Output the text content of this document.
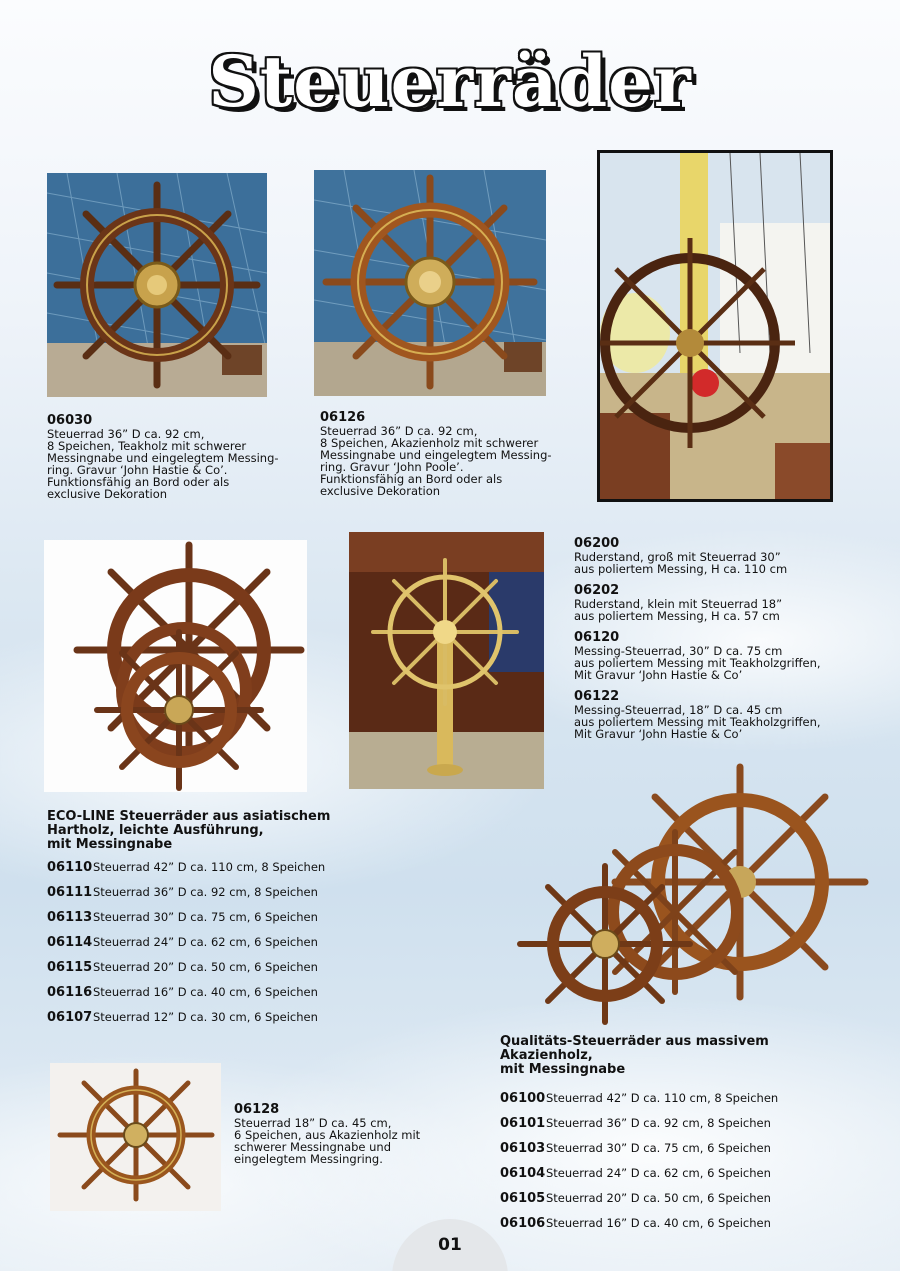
Steuerräder
06030
Steuerrad 36” D ca. 92 cm,
8 Speichen, Teakholz mit schwerer
Messingnabe und eingelegtem Messing-
ring. Gravur ‘John Hastie & Co’.
Funktionsfähig an Bord oder als
exclusive Dekoration
06126
Steuerrad 36” D ca. 92 cm,
8 Speichen, Akazienholz mit schwerer
Messingnabe und eingelegtem Messing-
ring. Gravur ‘John Poole’.
Funktionsfähig an Bord oder als
exclusive Dekoration
06200
Ruderstand, groß mit Steuerrad 30”
aus poliertem Messing, H ca. 110 cm
06202
Ruderstand, klein mit Steuerrad 18”
aus poliertem Messing, H ca. 57 cm
06120
Messing-Steuerrad, 30” D ca. 75 cm
aus poliertem Messing mit Teakholzgriffen,
Mit Gravur ‘John Hastie & Co’
06122
Messing-Steuerrad, 18” D ca. 45 cm
aus poliertem Messing mit Teakholzgriffen,
Mit Gravur ‘John Hastie & Co’
ECO-LINE Steuerräder aus asiatischem
Hartholz, leichte Ausführung,
mit Messingnabe
06110 Steuerrad 42” D ca. 110 cm, 8 Speichen
06111 Steuerrad 36” D ca. 92 cm, 8 Speichen
06113 Steuerrad 30” D ca. 75 cm, 6 Speichen
06114 Steuerrad 24” D ca. 62 cm, 6 Speichen
06115 Steuerrad 20” D ca. 50 cm, 6 Speichen
06116 Steuerrad 16” D ca. 40 cm, 6 Speichen
06107 Steuerrad 12” D ca. 30 cm, 6 Speichen
Qualitäts-Steuerräder aus massivem Akazienholz,
mit Messingnabe
06100 Steuerrad 42” D ca. 110 cm, 8 Speichen
06101 Steuerrad 36” D ca. 92 cm, 8 Speichen
06103 Steuerrad 30” D ca. 75 cm, 6 Speichen
06104 Steuerrad 24” D ca. 62 cm, 6 Speichen
06105 Steuerrad 20” D ca. 50 cm, 6 Speichen
06106 Steuerrad 16” D ca. 40 cm, 6 Speichen
06128
Steuerrad 18” D ca. 45 cm,
6 Speichen, aus Akazienholz mit
schwerer Messingnabe und
eingelegtem Messingring.
01
